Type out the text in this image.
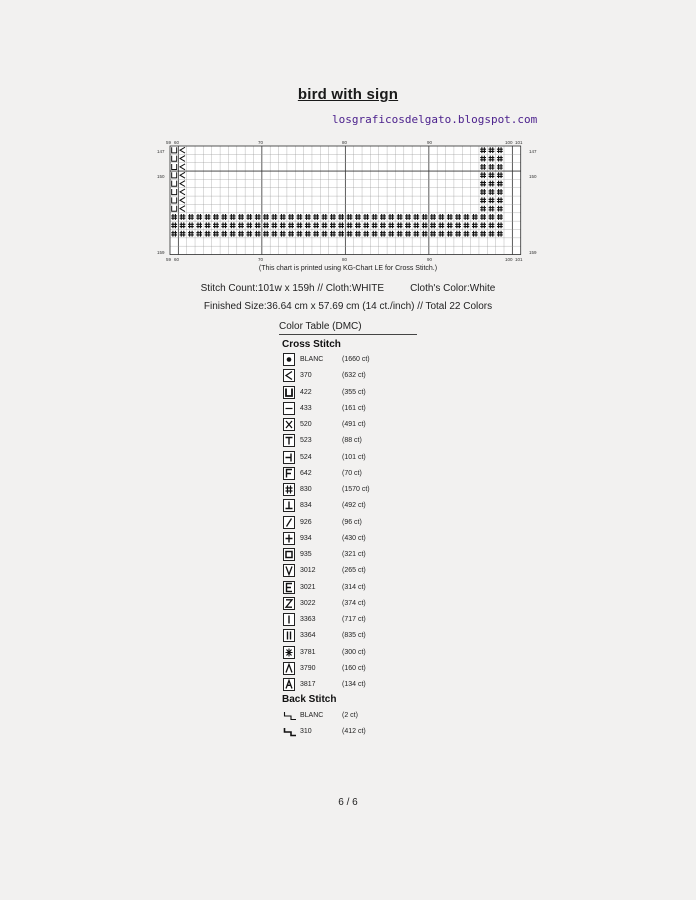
bird with sign
losgraficosdelgato.blogspot.com
59 60	70	80	90	100 101
59 60	70	80	90	100 101
147
150
159
147
150
159
(This chart is printed using KG-Chart LE for Cross Stitch.)
Stitch Count:101w x 159h // Cloth:WHITE	Cloth's Color:White
Finished Size:36.64 cm x 57.69 cm (14 ct./inch) // Total 22 Colors
Color Table (DMC)
Cross Stitch
BLANC	(1660 ct)
370	(632 ct)
422	(355 ct)
433	(161 ct)
520	(491 ct)
523	(88 ct)
524	(101 ct)
642	(70 ct)
830	(1570 ct)
834	(492 ct)
926	(96 ct)
934	(430 ct)
935	(321 ct)
3012	(265 ct)
3021	(314 ct)
3022	(374 ct)
3363	(717 ct)
3364	(835 ct)
3781	(300 ct)
3790	(160 ct)
3817	(134 ct)
Back Stitch
BLANC	(2 ct)
310	(412 ct)
6 / 6
